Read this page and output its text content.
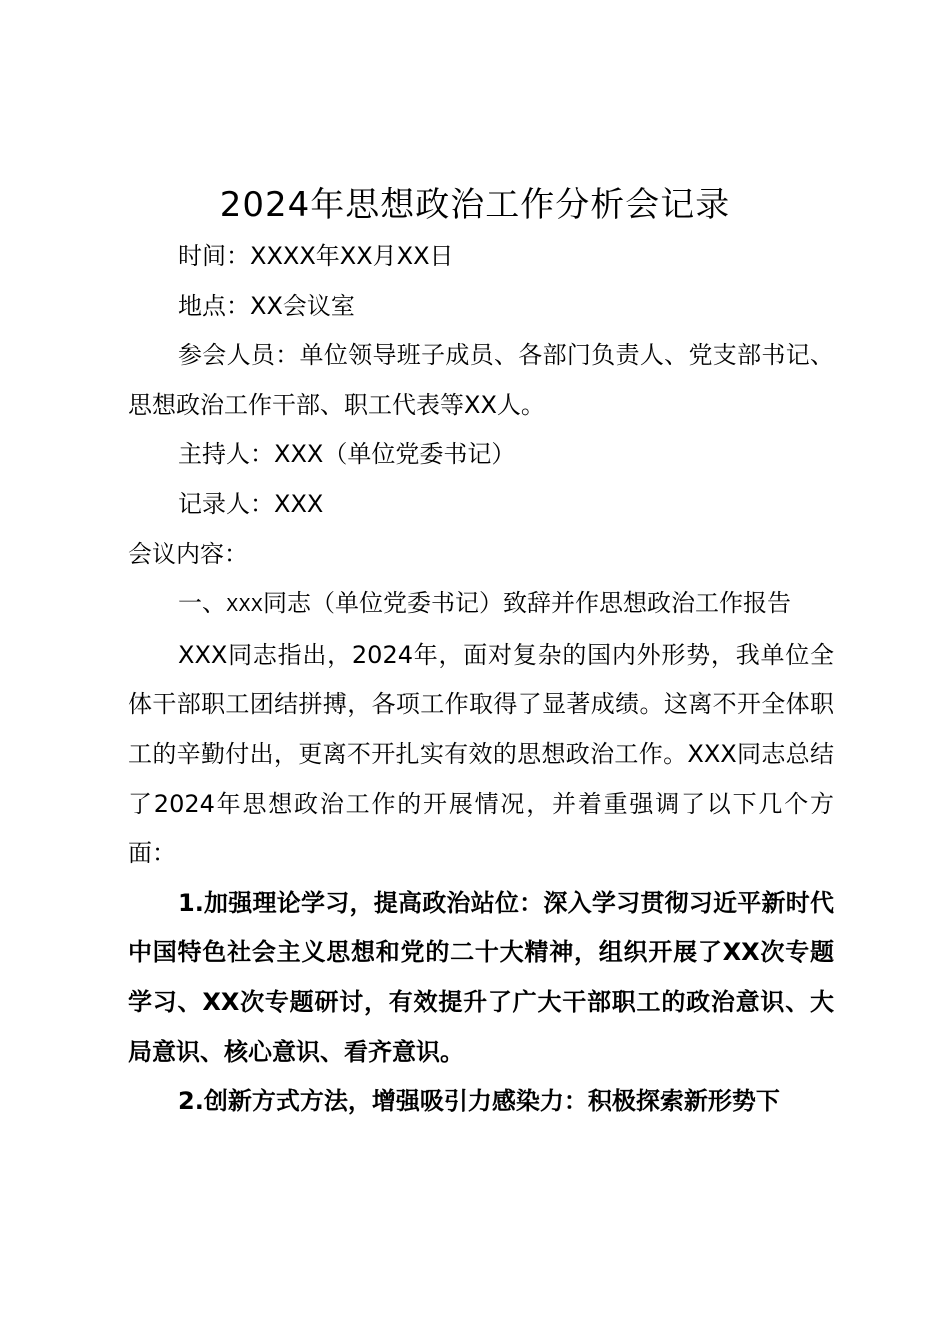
2024年思想政治工作分析会记录

时间：XXXX年XX月XX日

地点：XX会议室

参会人员：单位领导班子成员、各部门负责人、党支部书记、思想政治工作干部、职工代表等XX人。

主持人：XXX（单位党委书记）

记录人：XXX

会议内容：

一、XXX同志（单位党委书记）致辞并作思想政治工作报告

XXX同志指出，2024年，面对复杂的国内外形势，我单位全体干部职工团结拼搏，各项工作取得了显著成绩。这离不开全体职工的辛勤付出，更离不开扎实有效的思想政治工作。XXX同志总结了2024年思想政治工作的开展情况，并着重强调了以下几个方面：

1.加强理论学习，提高政治站位：深入学习贯彻习近平新时代中国特色社会主义思想和党的二十大精神，组织开展了XX次专题学习、XX次专题研讨，有效提升了广大干部职工的政治意识、大局意识、核心意识、看齐意识。

2.创新方式方法，增强吸引力感染力：积极探索新形势下
